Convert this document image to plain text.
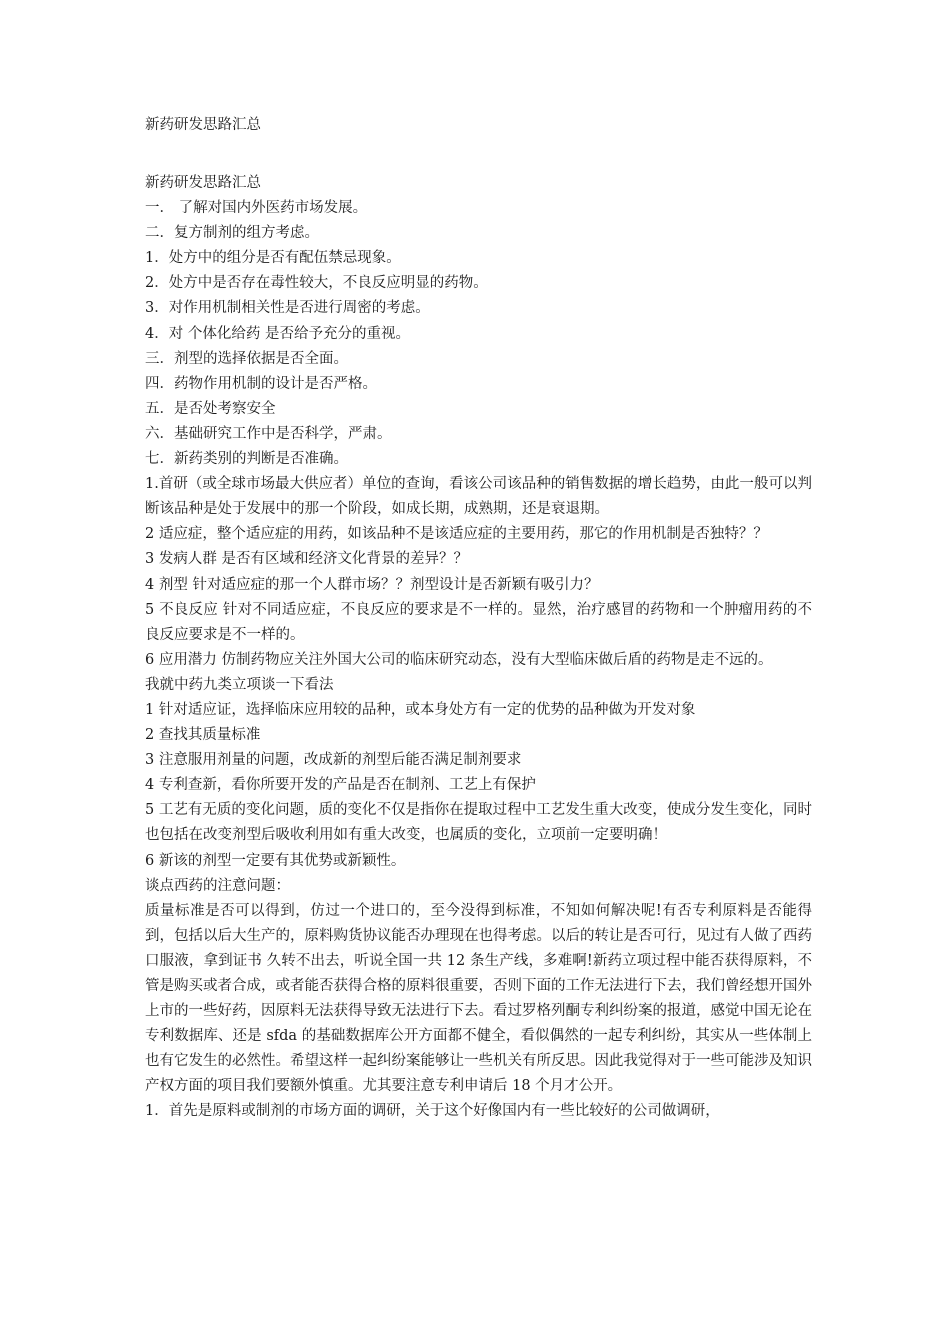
新药研发思路汇总

新药研发思路汇总

一． 了解对国内外医药市场发展。

二．复方制剂的组方考虑。

1．处方中的组分是否有配伍禁忌现象。

2．处方中是否存在毒性较大，不良反应明显的药物。

3．对作用机制相关性是否进行周密的考虑。

4．对 个体化给药 是否给予充分的重视。

三．剂型的选择依据是否全面。

四．药物作用机制的设计是否严格。

五．是否处考察安全

六．基础研究工作中是否科学，严肃。

七．新药类别的判断是否准确。

1.首研（或全球市场最大供应者）单位的查询，看该公司该品种的销售数据的增长趋势，由此一般可以判断该品种是处于发展中的那一个阶段，如成长期，成熟期，还是衰退期。

2 适应症，整个适应症的用药，如该品种不是该适应症的主要用药，那它的作用机制是否独特？？

3 发病人群 是否有区域和经济文化背景的差异？？

4 剂型 针对适应症的那一个人群市场？？剂型设计是否新颖有吸引力？

5 不良反应 针对不同适应症，不良反应的要求是不一样的。显然，治疗感冒的药物和一个肿瘤用药的不良反应要求是不一样的。

6 应用潜力 仿制药物应关注外国大公司的临床研究动态，没有大型临床做后盾的药物是走不远的。

我就中药九类立项谈一下看法

1 针对适应证，选择临床应用较的品种，或本身处方有一定的优势的品种做为开发对象

2 查找其质量标准

3 注意服用剂量的问题，改成新的剂型后能否满足制剂要求

4 专利查新，看你所要开发的产品是否在制剂、工艺上有保护

5 工艺有无质的变化问题，质的变化不仅是指你在提取过程中工艺发生重大改变，使成分发生变化，同时也包括在改变剂型后吸收利用如有重大改变，也属质的变化，立项前一定要明确！

6 新该的剂型一定要有其优势或新颖性。

谈点西药的注意问题：

质量标准是否可以得到，仿过一个进口的，至今没得到标准，不知如何解决呢!有否专利原料是否能得到，包括以后大生产的，原料购货协议能否办理现在也得考虑。以后的转让是否可行，见过有人做了西药口服液，拿到证书 久转不出去，听说全国一共 12 条生产线，多难啊!新药立项过程中能否获得原料，不管是购买或者合成，或者能否获得合格的原料很重要，否则下面的工作无法进行下去，我们曾经想开国外上市的一些好药，因原料无法获得导致无法进行下去。看过罗格列酮专利纠纷案的报道，感觉中国无论在专利数据库、还是 sfda 的基础数据库公开方面都不健全，看似偶然的一起专利纠纷，其实从一些体制上也有它发生的必然性。希望这样一起纠纷案能够让一些机关有所反思。因此我觉得对于一些可能涉及知识产权方面的项目我们要额外慎重。尤其要注意专利申请后 18 个月才公开。

1．首先是原料或制剂的市场方面的调研，关于这个好像国内有一些比较好的公司做调研，
